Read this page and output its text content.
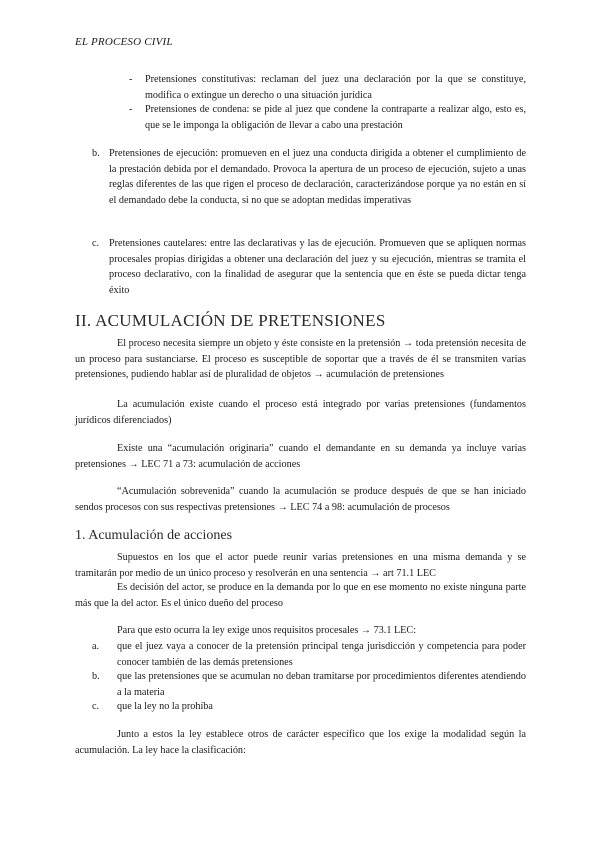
EL PROCESO CIVIL
- Pretensiones constitutivas: reclaman del juez una declaración por la que se constituye, modifica o extingue un derecho o una situación jurídica

- Pretensiones de condena: se pide al juez que condene la contraparte a realizar algo, esto es, que se le imponga la obligación de llevar a cabo una prestación

b. Pretensiones de ejecución: promueven en el juez una conducta dirigida a obtener el cumplimiento de la prestación debida por el demandado. Provoca la apertura de un proceso de ejecución, sujeto a unas reglas diferentes de las que rigen el proceso de declaración, caracterizándose porque ya no están en sí el demandado debe la conducta, si no que se adoptan medidas imperativas

c. Pretensiones cautelares: entre las declarativas y las de ejecución. Promueven que se apliquen normas procesales propias dirigidas a obtener una declaración del juez y su ejecución, mientras se tramita el proceso declarativo, con la finalidad de asegurar que la sentencia que en éste se pueda dictar tenga éxito

II. ACUMULACIÓN DE PRETENSIONES

El proceso necesita siempre un objeto y éste consiste en la pretensión → toda pretensión necesita de un proceso para sustanciarse. El proceso es susceptible de soportar que a través de él se transmiten varias pretensiones, pudiendo hablar así de pluralidad de objetos → acumulación de pretensiones

La acumulación existe cuando el proceso está integrado por varias pretensiones (fundamentos jurídicos diferenciados)

Existe una “acumulación originaria” cuando el demandante en su demanda ya incluye varias pretensiones → LEC 71 a 73: acumulación de acciones

“Acumulación sobrevenida” cuando la acumulación se produce después de que se han iniciado sendos procesos con sus respectivas pretensiones → LEC 74 a 98: acumulación de procesos

1. Acumulación de acciones

Supuestos en los que el actor puede reunir varias pretensiones en una misma demanda y se tramitarán por medio de un único proceso y resolverán en una sentencia → art 71.1 LEC

Es decisión del actor, se produce en la demanda por lo que en ese momento no existe ninguna parte más que la del actor. Es el único dueño del proceso

Para que esto ocurra la ley exige unos requisitos procesales → 73.1 LEC:

a. que el juez vaya a conocer de la pretensión principal tenga jurisdicción y competencia para poder conocer también de las demás pretensiones

b. que las pretensiones que se acumulan no deban tramitarse por procedimientos diferentes atendiendo a la materia

c. que la ley no la prohíba

Junto a estos la ley establece otros de carácter específico que los exige la modalidad según la acumulación. La ley hace la clasificación:
